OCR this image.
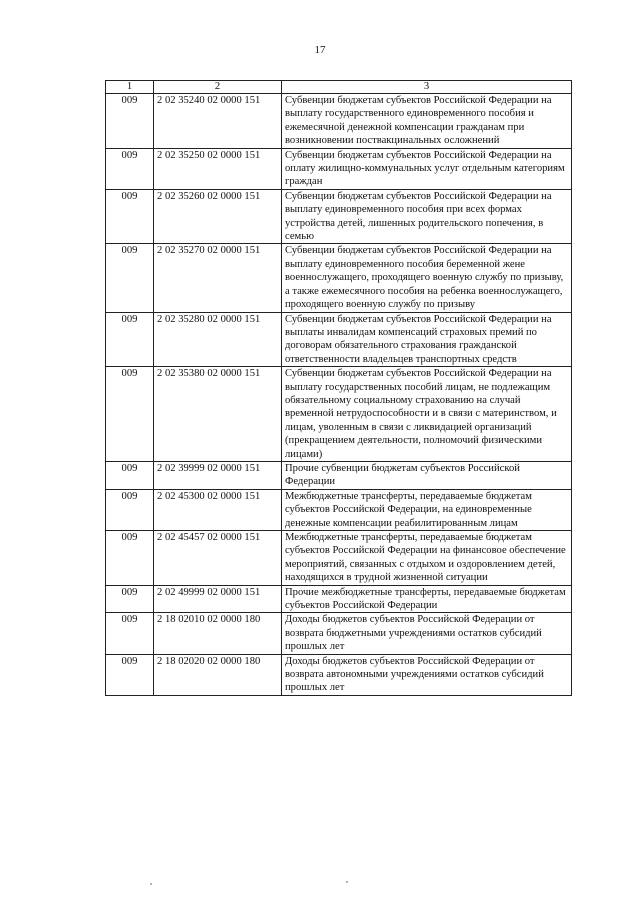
17
1	2	3
009	2 02 35240 02 0000 151	Субвенции бюджетам субъектов Российской Федерации на выплату государственного единовременного пособия и ежемесячной денежной компенсации гражданам при возникновении поствакцинальных осложнений
009	2 02 35250 02 0000 151	Субвенции бюджетам субъектов Российской Федерации на оплату жилищно-коммунальных услуг отдельным категориям граждан
009	2 02 35260 02 0000 151	Субвенции бюджетам субъектов Российской Федерации на выплату единовременного пособия при всех формах устройства детей, лишенных родительского попечения, в семью
009	2 02 35270 02 0000 151	Субвенции бюджетам субъектов Российской Федерации на выплату единовременного пособия беременной жене военнослужащего, проходящего военную службу по призыву, а также ежемесячного пособия на ребенка военнослужащего, проходящего военную службу по призыву
009	2 02 35280 02 0000 151	Субвенции бюджетам субъектов Российской Федерации на выплаты инвалидам компенсаций страховых премий по договорам обязательного страхования гражданской ответственности владельцев транспортных средств
009	2 02 35380 02 0000 151	Субвенции бюджетам субъектов Российской Федерации на выплату государственных пособий лицам, не подлежащим обязательному социальному страхованию на случай временной нетрудоспособности и в связи с материнством, и лицам, уволенным в связи с ликвидацией организаций (прекращением деятельности, полномочий физическими лицами)
009	2 02 39999 02 0000 151	Прочие субвенции бюджетам субъектов Российской Федерации
009	2 02 45300 02 0000 151	Межбюджетные трансферты, передаваемые бюджетам субъектов Российской Федерации, на единовременные денежные компенсации реабилитированным лицам
009	2 02 45457 02 0000 151	Межбюджетные трансферты, передаваемые бюджетам субъектов Российской Федерации на финансовое обеспечение мероприятий, связанных с отдыхом и оздоровлением детей, находящихся в трудной жизненной ситуации
009	2 02 49999 02 0000 151	Прочие межбюджетные трансферты, передаваемые бюджетам субъектов Российской Федерации
009	2 18 02010 02 0000 180	Доходы бюджетов субъектов Российской Федерации от возврата бюджетными учреждениями остатков субсидий прошлых лет
009	2 18 02020 02 0000 180	Доходы бюджетов субъектов Российской Федерации от возврата автономными учреждениями остатков субсидий прошлых лет
